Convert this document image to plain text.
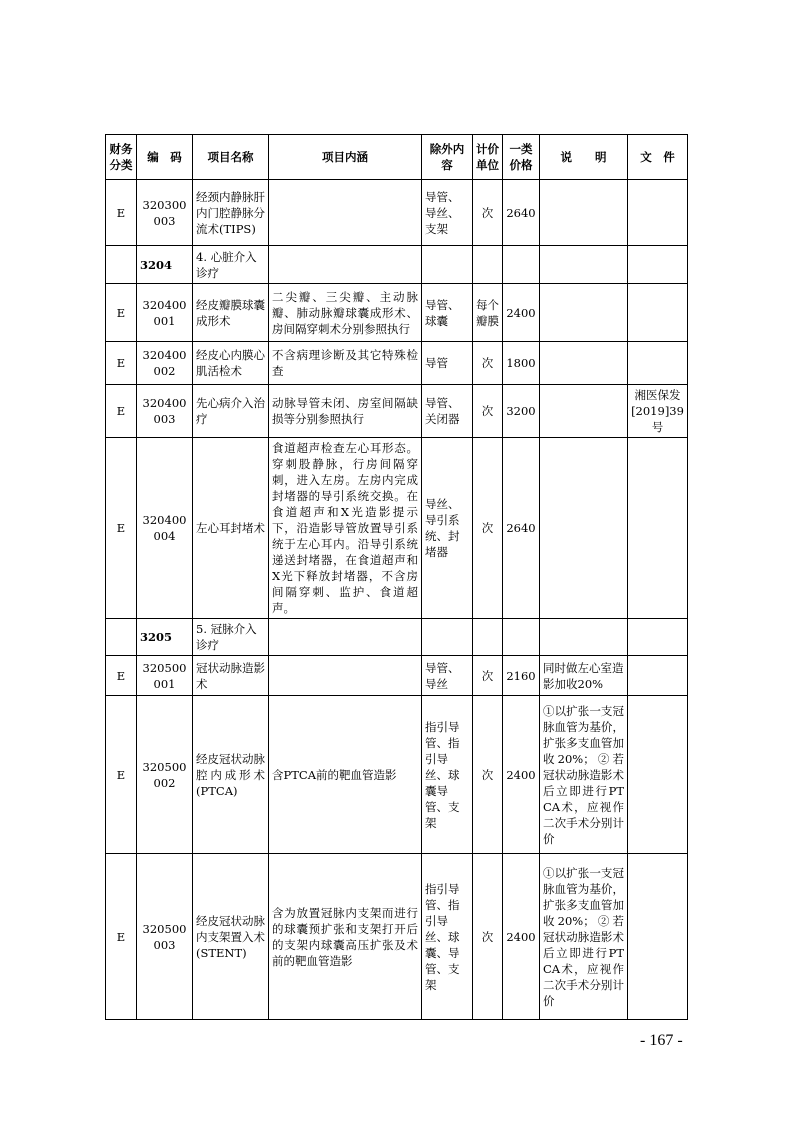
财务分类	编　码	项目名称	项目内涵	除外内容	计价单位	一类价格	说　　明	文　件
E	320300003	经颈内静脉肝内门腔静脉分流术(TIPS)		导管、导丝、支架	次	2640		
	3204	4. 心脏介入诊疗						
E	320400001	经皮瓣膜球囊成形术	二尖瓣、三尖瓣、主动脉瓣、肺动脉瓣球囊成形术、房间隔穿刺术分别参照执行	导管、球囊	每个瓣膜	2400		
E	320400002	经皮心内膜心肌活检术	不含病理诊断及其它特殊检查	导管	次	1800		
E	320400003	先心病介入治疗	动脉导管未闭、房室间隔缺损等分别参照执行	导管、关闭器	次	3200		湘医保发[2019]39号
E	320400004	左心耳封堵术	食道超声检查左心耳形态。穿刺股静脉，行房间隔穿刺，进入左房。左房内完成封堵器的导引系统交换。在食道超声和X光造影提示下，沿造影导管放置导引系统于左心耳内。沿导引系统递送封堵器，在食道超声和X光下释放封堵器，不含房间隔穿刺、监护、食道超声。	导丝、导引系统、封堵器	次	2640		
	3205	5. 冠脉介入诊疗						
E	320500001	冠状动脉造影术		导管、导丝	次	2160	同时做左心室造影加收20%	
E	320500002	经皮冠状动脉腔内成形术(PTCA)	含PTCA前的靶血管造影	指引导管、指引导丝、球囊导管、支架	次	2400	①以扩张一支冠脉血管为基价，扩张多支血管加收20%；②若冠状动脉造影术后立即进行PTCA术，应视作二次手术分别计价	
E	320500003	经皮冠状动脉内支架置入术(STENT)	含为放置冠脉内支架而进行的球囊预扩张和支架打开后的支架内球囊高压扩张及术前的靶血管造影	指引导管、指引导丝、球囊、导管、支架	次	2400	①以扩张一支冠脉血管为基价，扩张多支血管加收20%；②若冠状动脉造影术后立即进行PTCA术，应视作二次手术分别计价	
- 167 -
